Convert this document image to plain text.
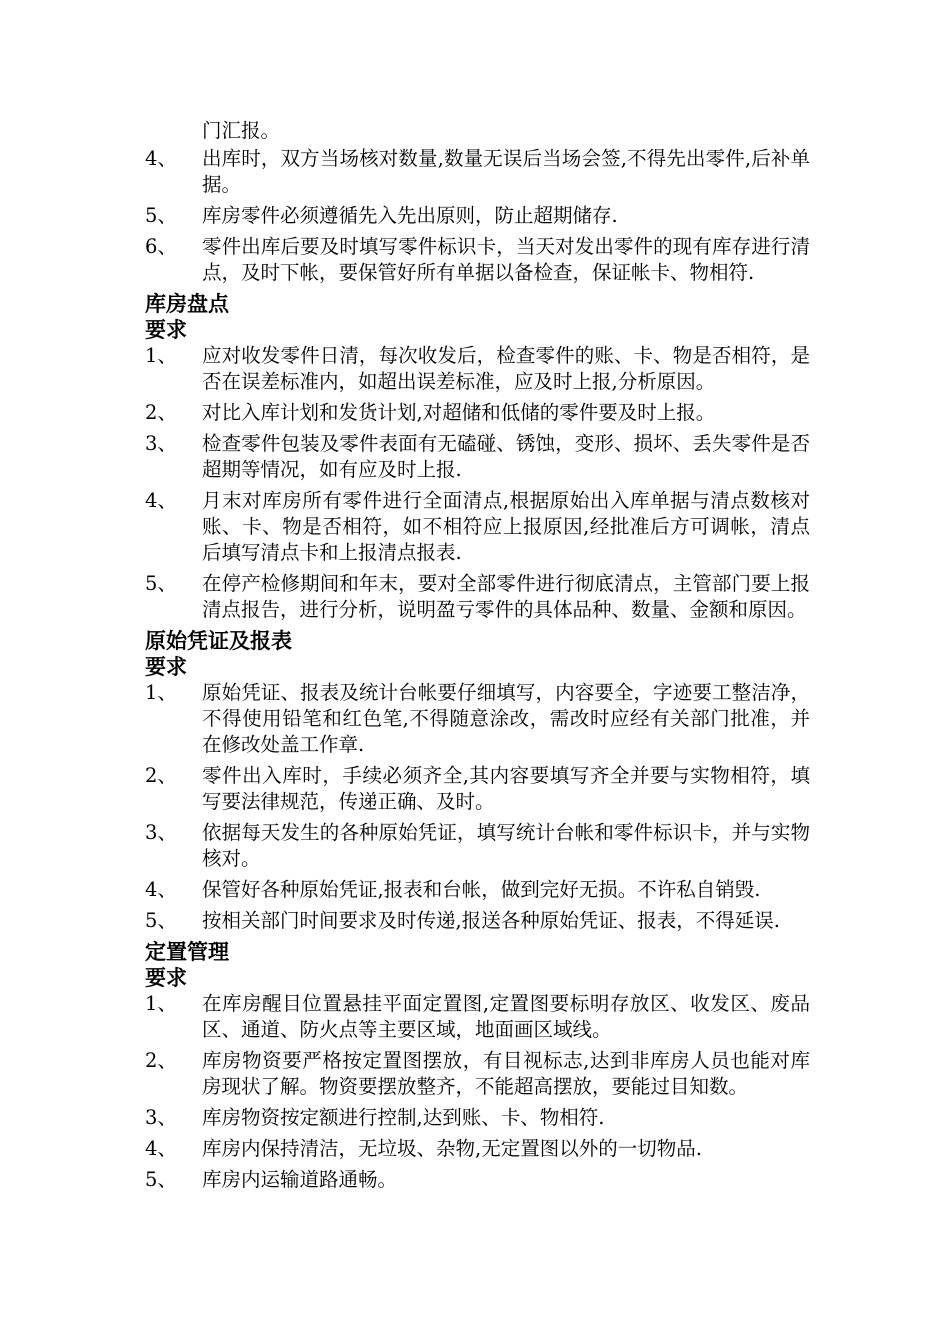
门汇报。
4、	出库时，双方当场核对数量,数量无误后当场会签,不得先出零件,后补单据。
5、	库房零件必须遵循先入先出原则，防止超期储存.
6、	零件出库后要及时填写零件标识卡，当天对发出零件的现有库存进行清点，及时下帐，要保管好所有单据以备检查，保证帐卡、物相符.
库房盘点
要求
1、	应对收发零件日清，每次收发后，检查零件的账、卡、物是否相符，是否在误差标准内，如超出误差标准，应及时上报,分析原因。
2、	对比入库计划和发货计划,对超储和低储的零件要及时上报。
3、	检查零件包装及零件表面有无磕碰、锈蚀，变形、损坏、丢失零件是否超期等情况，如有应及时上报.
4、	月末对库房所有零件进行全面清点,根据原始出入库单据与清点数核对账、卡、物是否相符，如不相符应上报原因,经批准后方可调帐，清点后填写清点卡和上报清点报表.
5、	在停产检修期间和年末，要对全部零件进行彻底清点，主管部门要上报清点报告，进行分析，说明盈亏零件的具体品种、数量、金额和原因。
原始凭证及报表
要求
1、	原始凭证、报表及统计台帐要仔细填写，内容要全，字迹要工整洁净，不得使用铅笔和红色笔,不得随意涂改，需改时应经有关部门批准，并在修改处盖工作章.
2、	零件出入库时，手续必须齐全,其内容要填写齐全并要与实物相符，填写要法律规范，传递正确、及时。
3、	依据每天发生的各种原始凭证，填写统计台帐和零件标识卡，并与实物核对。
4、	保管好各种原始凭证,报表和台帐，做到完好无损。不许私自销毁.
5、	按相关部门时间要求及时传递,报送各种原始凭证、报表，不得延误.
定置管理
要求
1、	在库房醒目位置悬挂平面定置图,定置图要标明存放区、收发区、废品区、通道、防火点等主要区域，地面画区域线。
2、	库房物资要严格按定置图摆放，有目视标志,达到非库房人员也能对库房现状了解。物资要摆放整齐，不能超高摆放，要能过目知数。
3、	库房物资按定额进行控制,达到账、卡、物相符.
4、	库房内保持清洁，无垃圾、杂物,无定置图以外的一切物品.
5、	库房内运输道路通畅。
